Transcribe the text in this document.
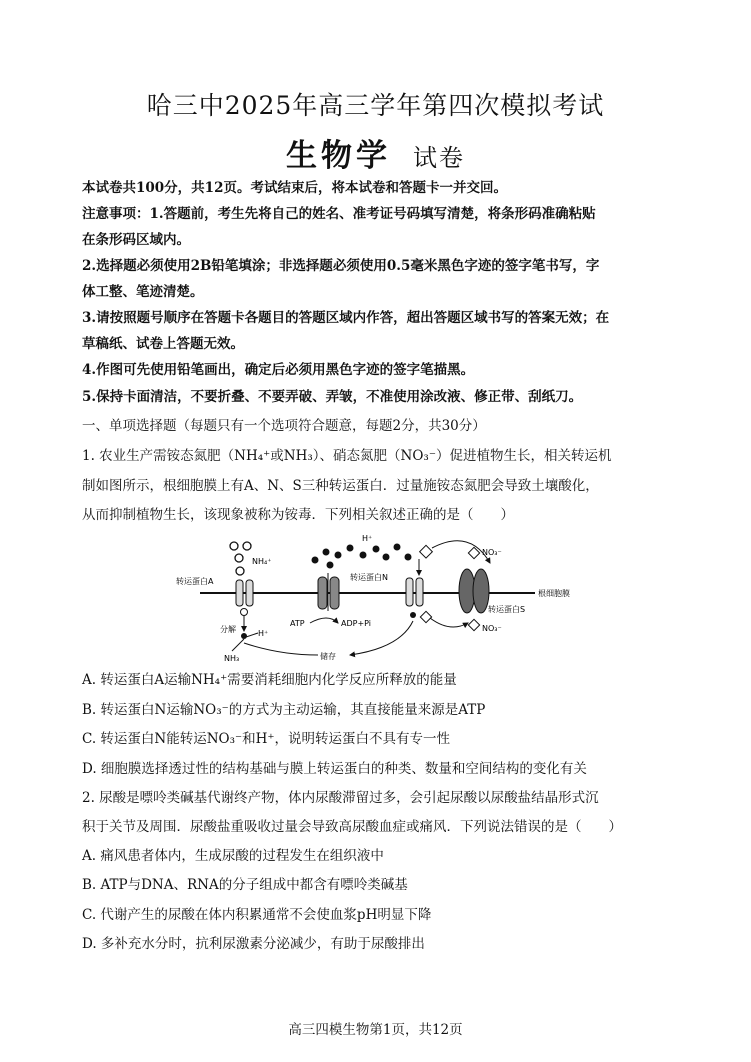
哈三中2025年高三学年第四次模拟考试
生物学 试卷
本试卷共100分，共12页。考试结束后，将本试卷和答题卡一并交回。
注意事项：1.答题前，考生先将自己的姓名、准考证号码填写清楚，将条形码准确粘贴
在条形码区域内。
2.选择题必须使用2B铅笔填涂；非选择题必须使用0.5毫米黑色字迹的签字笔书写，字
体工整、笔迹清楚。
3.请按照题号顺序在答题卡各题目的答题区域内作答，超出答题区域书写的答案无效；在
草稿纸、试卷上答题无效。
4.作图可先使用铅笔画出，确定后必须用黑色字迹的签字笔描黑。
5.保持卡面清洁，不要折叠、不要弄破、弄皱，不准使用涂改液、修正带、刮纸刀。
一、单项选择题（每题只有一个选项符合题意，每题2分，共30分）
1. 农业生产需铵态氮肥（NH₄⁺或NH₃）、硝态氮肥（NO₃⁻）促进植物生长，相关转运机
制如图所示，根细胞膜上有A、N、S三种转运蛋白．过量施铵态氮肥会导致土壤酸化，
从而抑制植物生长，该现象被称为铵毒．下列相关叙述正确的是（　　）
NH₄⁺
转运蛋白A
分解
NH₃
H⁺
H⁺
ATP	ADP+Pi
转运蛋白N
储存
NO₃⁻
NO₃⁻
转运蛋白S
根细胞膜
A. 转运蛋白A运输NH₄⁺需要消耗细胞内化学反应所释放的能量
B. 转运蛋白N运输NO₃⁻的方式为主动运输，其直接能量来源是ATP
C. 转运蛋白N能转运NO₃⁻和H⁺，说明转运蛋白不具有专一性
D. 细胞膜选择透过性的结构基础与膜上转运蛋白的种类、数量和空间结构的变化有关
2. 尿酸是嘌呤类碱基代谢终产物，体内尿酸滞留过多，会引起尿酸以尿酸盐结晶形式沉
积于关节及周围．尿酸盐重吸收过量会导致高尿酸血症或痛风．下列说法错误的是（　　）
A. 痛风患者体内，生成尿酸的过程发生在组织液中
B. ATP与DNA、RNA的分子组成中都含有嘌呤类碱基
C. 代谢产生的尿酸在体内积累通常不会使血浆pH明显下降
D. 多补充水分时，抗利尿激素分泌减少，有助于尿酸排出
高三四模生物第1页，共12页
